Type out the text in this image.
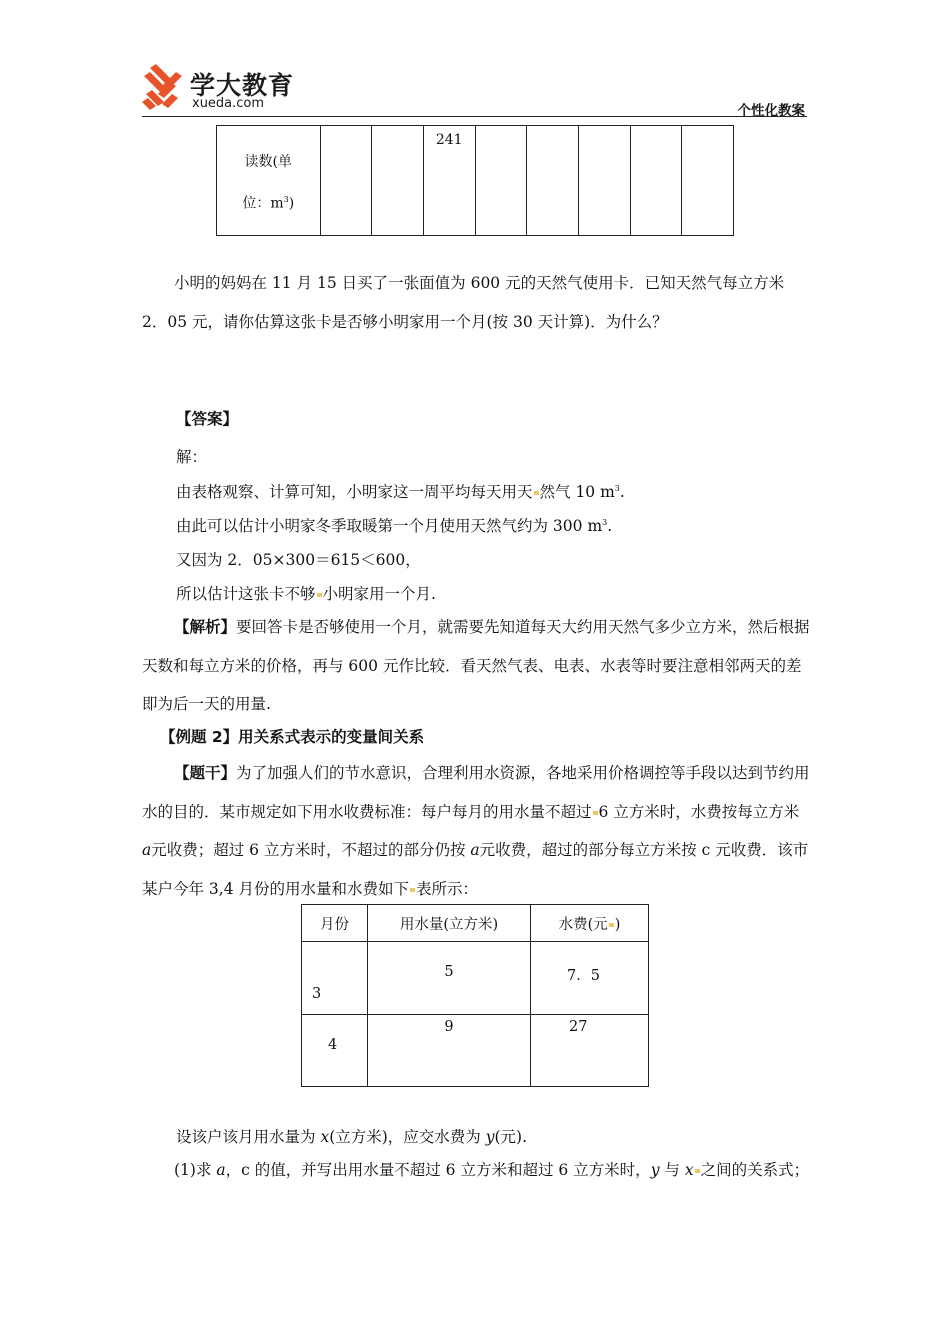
学大教育
xueda.com	个性化教案
读数(单
位：$m^3$)			241					
小明的妈妈在 11 月 15 日买了一张面值为 600 元的天然气使用卡．已知天然气每立方米 2．05 元，请你估算这张卡是否够小明家用一个月(按 30 天计算)．为什么？
【答案】
解：
由表格观察、计算可知，小明家这一周平均每天用天 然气 10 $m^3$.
由此可以估计小明家冬季取暖第一个月使用天然气约为 300 $m^3$.
又因为 2．05×300＝615＜600，
所以估计这张卡不够 小明家用一个月.
【解析】要回答卡是否够使用一个月，就需要先知道每天大约用天然气多少立方米，然后根据天数和每立方米的价格，再与 600 元作比较．看天然气表、电表、水表等时要注意相邻两天的差即为后一天的用量.
【例题 2】用关系式表示的变量间关系
【题干】为了加强人们的节水意识，合理利用水资源，各地采用价格调控等手段以达到节约用水的目的．某市规定如下用水收费标准：每户每月的用水量不超过 6 立方米时，水费按每立方米 a元收费；超过 6 立方米时，不超过的部分仍按 a元收费，超过的部分每立方米按 c 元收费．该市某户今年 3,4 月份的用水量和水费如下 表所示：
月份	用水量(立方米)	水费(元 )
3	5	7．5
4	9	27
设该户该月用水量为 x(立方米)，应交水费为 y(元).
(1)求 a，c 的值，并写出用水量不超过 6 立方米和超过 6 立方米时，y 与 x 之间的关系式；
